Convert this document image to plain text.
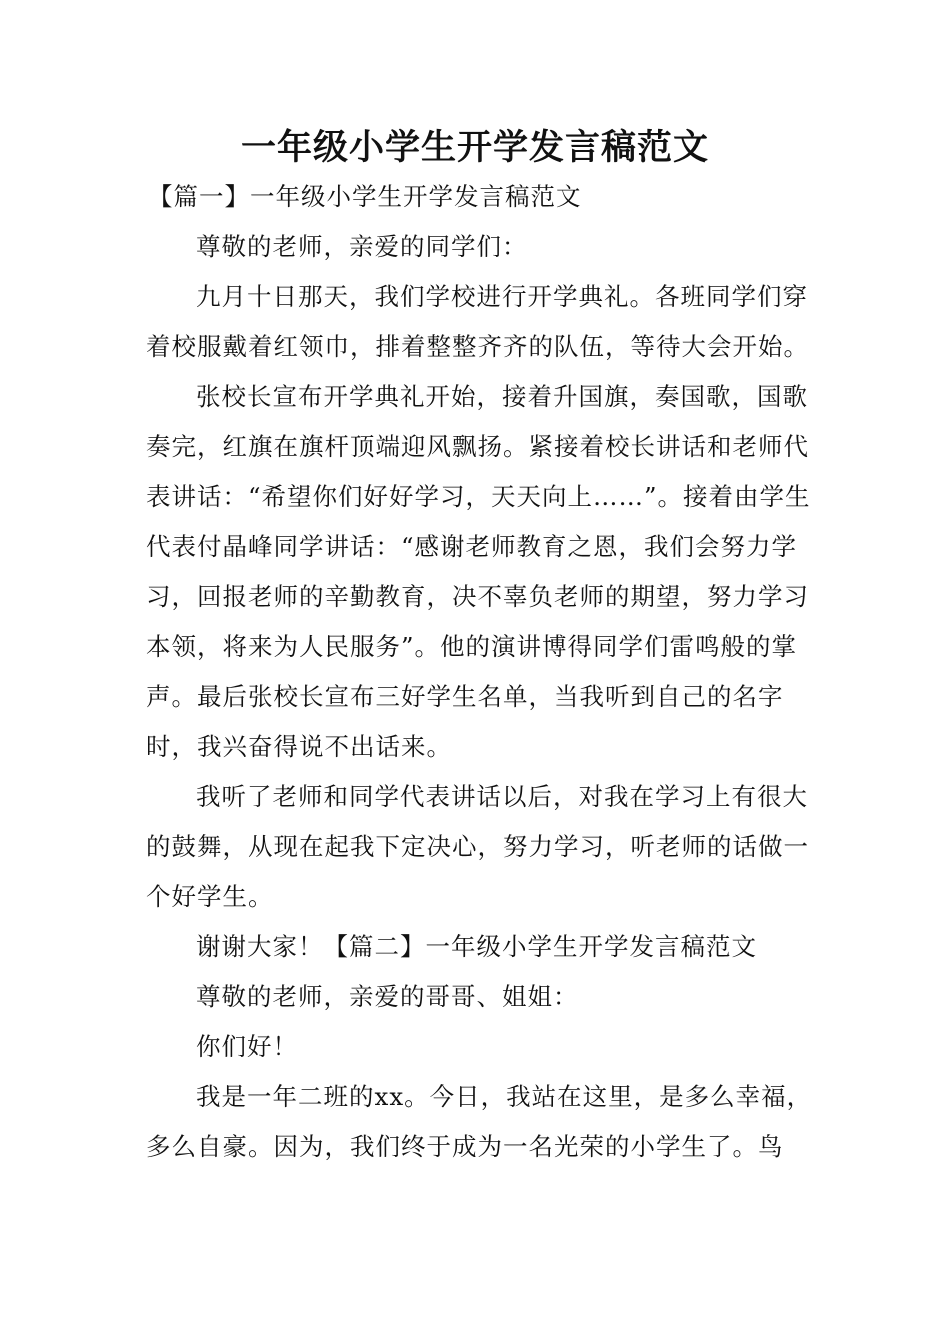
一年级小学生开学发言稿范文

【篇一】一年级小学生开学发言稿范文

尊敬的老师，亲爱的同学们：

九月十日那天，我们学校进行开学典礼。各班同学们穿着校服戴着红领巾，排着整整齐齐的队伍，等待大会开始。

张校长宣布开学典礼开始，接着升国旗，奏国歌，国歌奏完，红旗在旗杆顶端迎风飘扬。紧接着校长讲话和老师代表讲话：“希望你们好好学习，天天向上……”。接着由学生代表付晶峰同学讲话：“感谢老师教育之恩，我们会努力学习，回报老师的辛勤教育，决不辜负老师的期望，努力学习本领，将来为人民服务”。他的演讲博得同学们雷鸣般的掌声。最后张校长宣布三好学生名单，当我听到自己的名字时，我兴奋得说不出话来。

我听了老师和同学代表讲话以后，对我在学习上有很大的鼓舞，从现在起我下定决心，努力学习，听老师的话做一个好学生。

谢谢大家！【篇二】一年级小学生开学发言稿范文

尊敬的老师，亲爱的哥哥、姐姐：

你们好！

我是一年二班的xx。今日，我站在这里，是多么幸福，多么自豪。因为，我们终于成为一名光荣的小学生了。鸟
